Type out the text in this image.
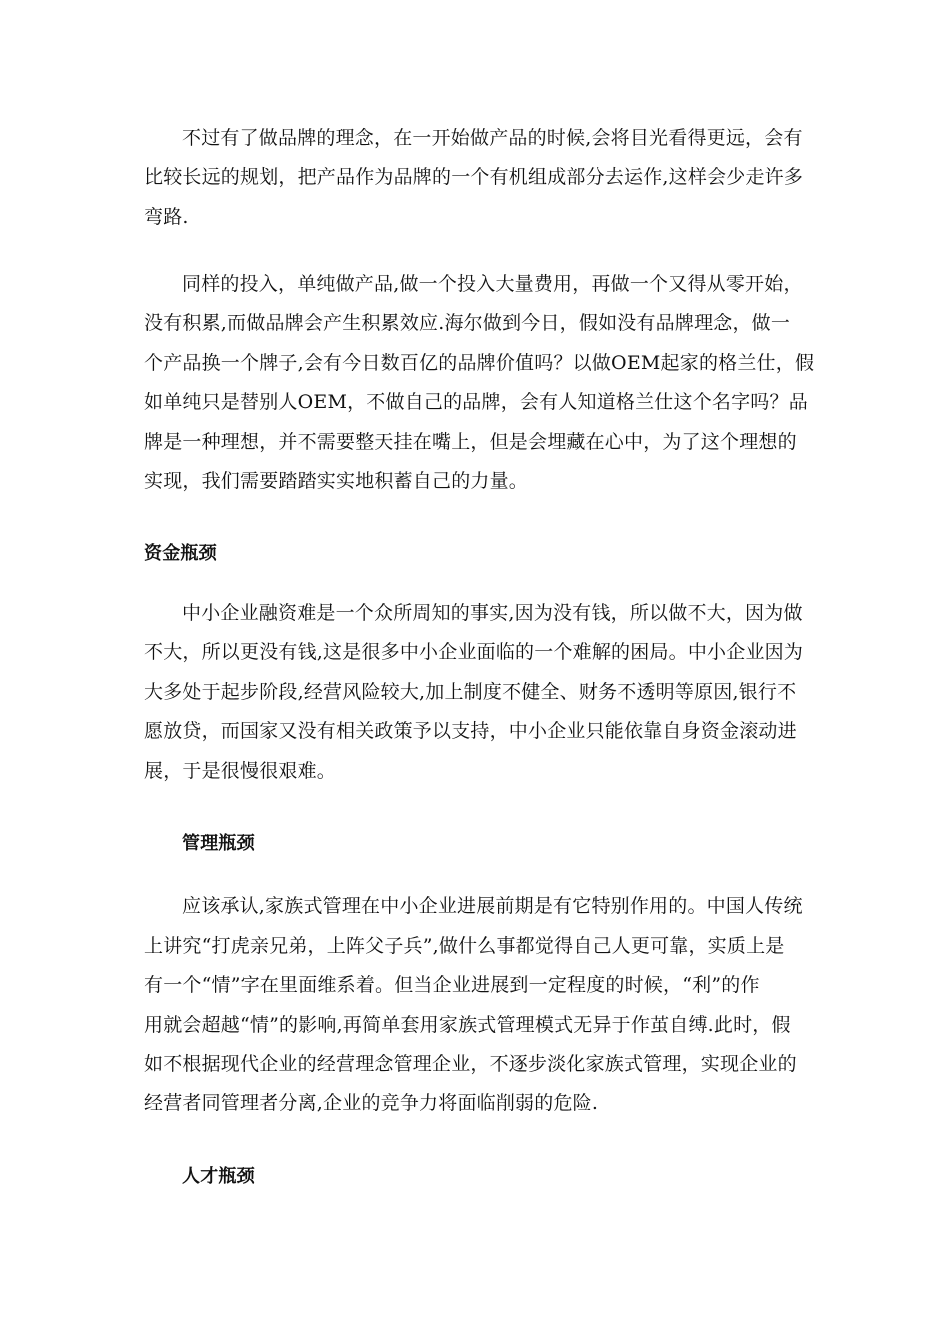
不过有了做品牌的理念，在一开始做产品的时候,会将目光看得更远，会有
比较长远的规划，把产品作为品牌的一个有机组成部分去运作,这样会少走许多
弯路.
同样的投入，单纯做产品,做一个投入大量费用，再做一个又得从零开始，
没有积累,而做品牌会产生积累效应.海尔做到今日，假如没有品牌理念，做一
个产品换一个牌子,会有今日数百亿的品牌价值吗？以做OEM起家的格兰仕，假
如单纯只是替别人OEM，不做自己的品牌，会有人知道格兰仕这个名字吗？品
牌是一种理想，并不需要整天挂在嘴上，但是会埋藏在心中，为了这个理想的
实现，我们需要踏踏实实地积蓄自己的力量。
资金瓶颈
中小企业融资难是一个众所周知的事实,因为没有钱，所以做不大，因为做
不大，所以更没有钱,这是很多中小企业面临的一个难解的困局。中小企业因为
大多处于起步阶段,经营风险较大,加上制度不健全、财务不透明等原因,银行不
愿放贷，而国家又没有相关政策予以支持，中小企业只能依靠自身资金滚动进
展，于是很慢很艰难。
管理瓶颈
应该承认,家族式管理在中小企业进展前期是有它特别作用的。中国人传统
上讲究“打虎亲兄弟，上阵父子兵”,做什么事都觉得自己人更可靠，实质上是
有一个“情”字在里面维系着。但当企业进展到一定程度的时候，“利”的作
用就会超越“情”的影响,再简单套用家族式管理模式无异于作茧自缚.此时，假
如不根据现代企业的经营理念管理企业，不逐步淡化家族式管理，实现企业的
经营者同管理者分离,企业的竞争力将面临削弱的危险.
人才瓶颈
